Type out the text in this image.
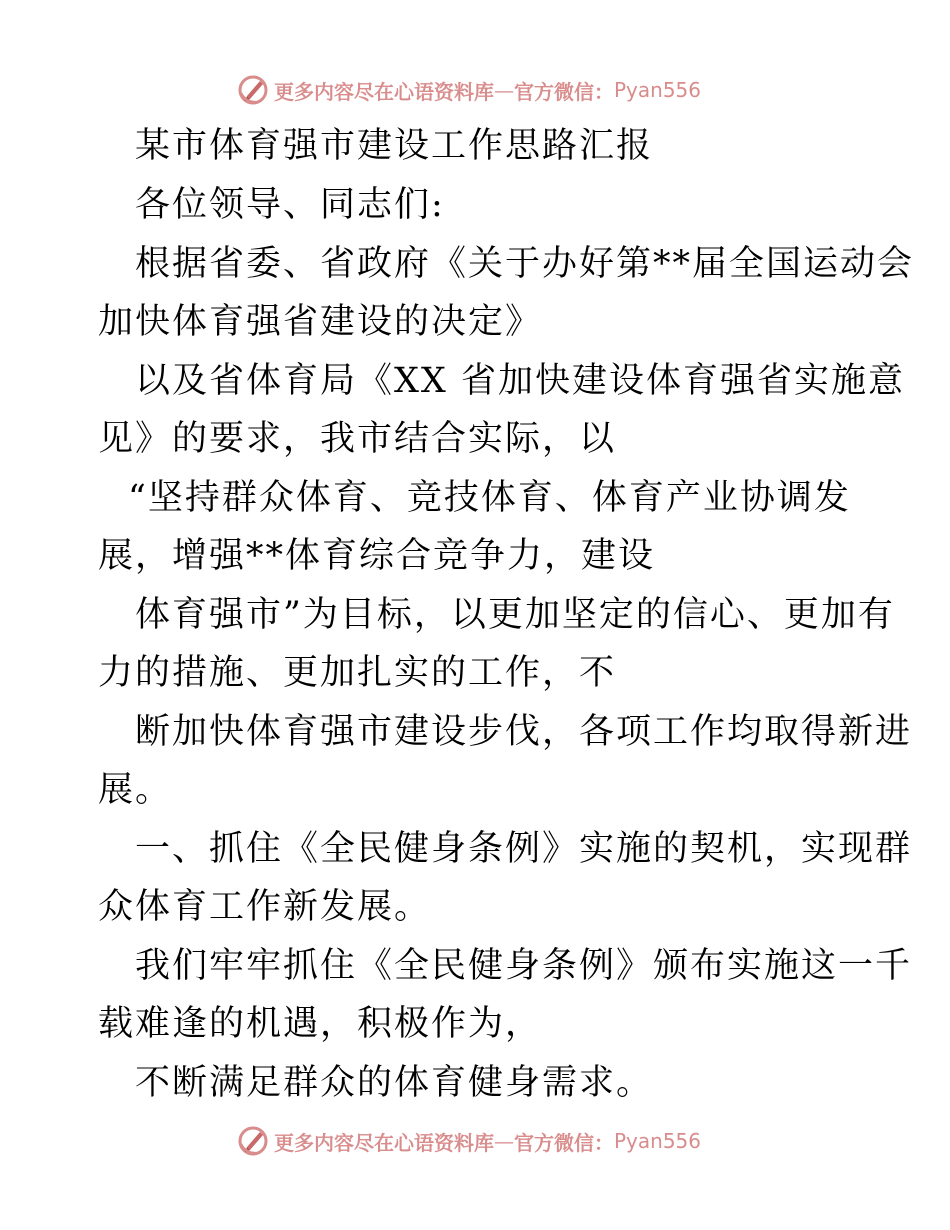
更多内容尽在心语资料库 — 官方微信： Pyan556
某市体育强市建设工作思路汇报
各位领导、同志们:
根据省委、省政府《关于办好第**届全国运动会
加快体育强省建设的决定》
以及省体育局《XX 省加快建设体育强省实施意
见》的要求，我市结合实际，以
“坚持群众体育、竞技体育、体育产业协调发
展，增强**体育综合竞争力，建设
体育强市”为目标，以更加坚定的信心、更加有
力的措施、更加扎实的工作，不
断加快体育强市建设步伐，各项工作均取得新进
展。
一、抓住《全民健身条例》实施的契机，实现群
众体育工作新发展。
我们牢牢抓住《全民健身条例》颁布实施这一千
载难逢的机遇，积极作为，
不断满足群众的体育健身需求。
更多内容尽在心语资料库 — 官方微信： Pyan556
